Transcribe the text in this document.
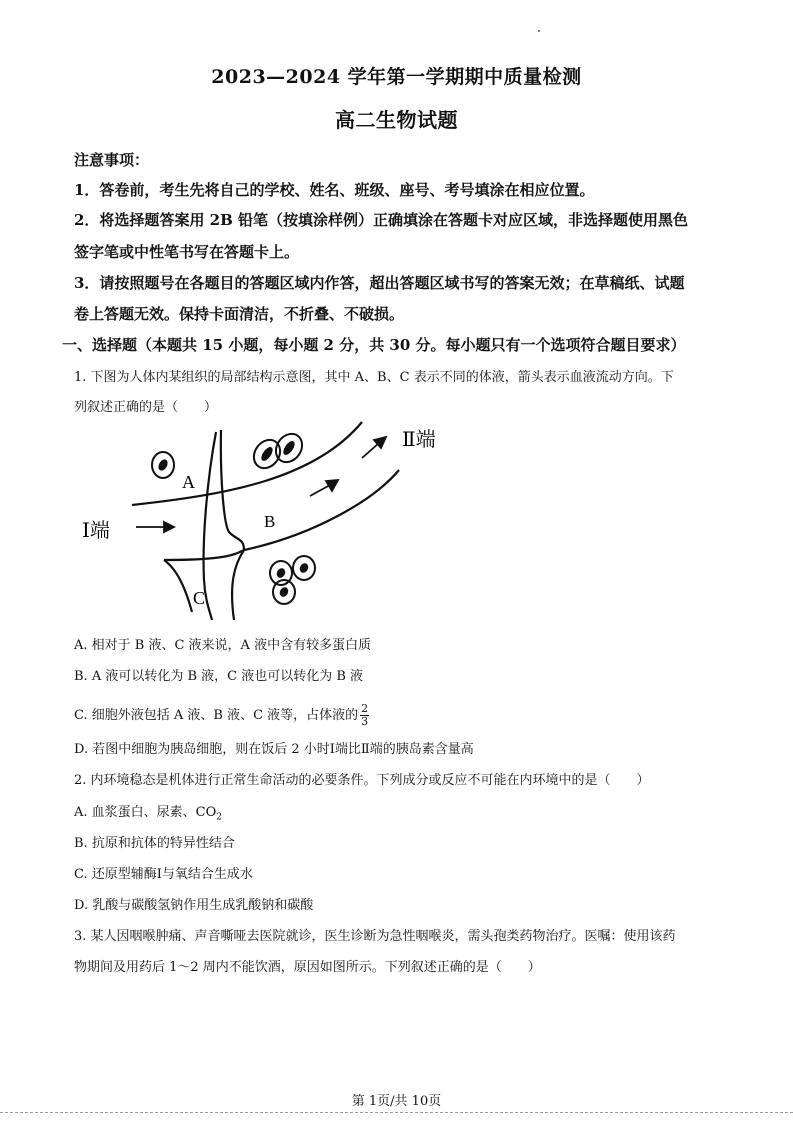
2023—2024 学年第一学期期中质量检测
高二生物试题
注意事项：
1．答卷前，考生先将自己的学校、姓名、班级、座号、考号填涂在相应位置。
2．将选择题答案用 2B 铅笔（按填涂样例）正确填涂在答题卡对应区域，非选择题使用黑色
签字笔或中性笔书写在答题卡上。
3．请按照题号在各题目的答题区域内作答，超出答题区域书写的答案无效；在草稿纸、试题
卷上答题无效。保持卡面清洁，不折叠、不破损。
一、选择题（本题共 15 小题，每小题 2 分，共 30 分。每小题只有一个选项符合题目要求）
1. 下图为人体内某组织的局部结构示意图，其中 A、B、C 表示不同的体液，箭头表示血液流动方向。下
列叙述正确的是（　　）
A
B
C
Ⅰ端
Ⅱ端
A. 相对于 B 液、C 液来说，A 液中含有较多蛋白质
B. A 液可以转化为 B 液，C 液也可以转化为 B 液
C. 细胞外液包括 A 液、B 液、C 液等，占体液的 $\frac{2}{3}$
D. 若图中细胞为胰岛细胞，则在饭后 2 小时Ⅰ端比Ⅱ端的胰岛素含量高
2. 内环境稳态是机体进行正常生命活动的必要条件。下列成分或反应不可能在内环境中的是（　　）
A. 血浆蛋白、尿素、$CO_2$
B. 抗原和抗体的特异性结合
C. 还原型辅酶Ⅰ与氧结合生成水
D. 乳酸与碳酸氢钠作用生成乳酸钠和碳酸
3. 某人因咽喉肿痛、声音嘶哑去医院就诊，医生诊断为急性咽喉炎，需头孢类药物治疗。医嘱：使用该药
物期间及用药后 1～2 周内不能饮酒，原因如图所示。下列叙述正确的是（　　）
第 1页/共 10页
